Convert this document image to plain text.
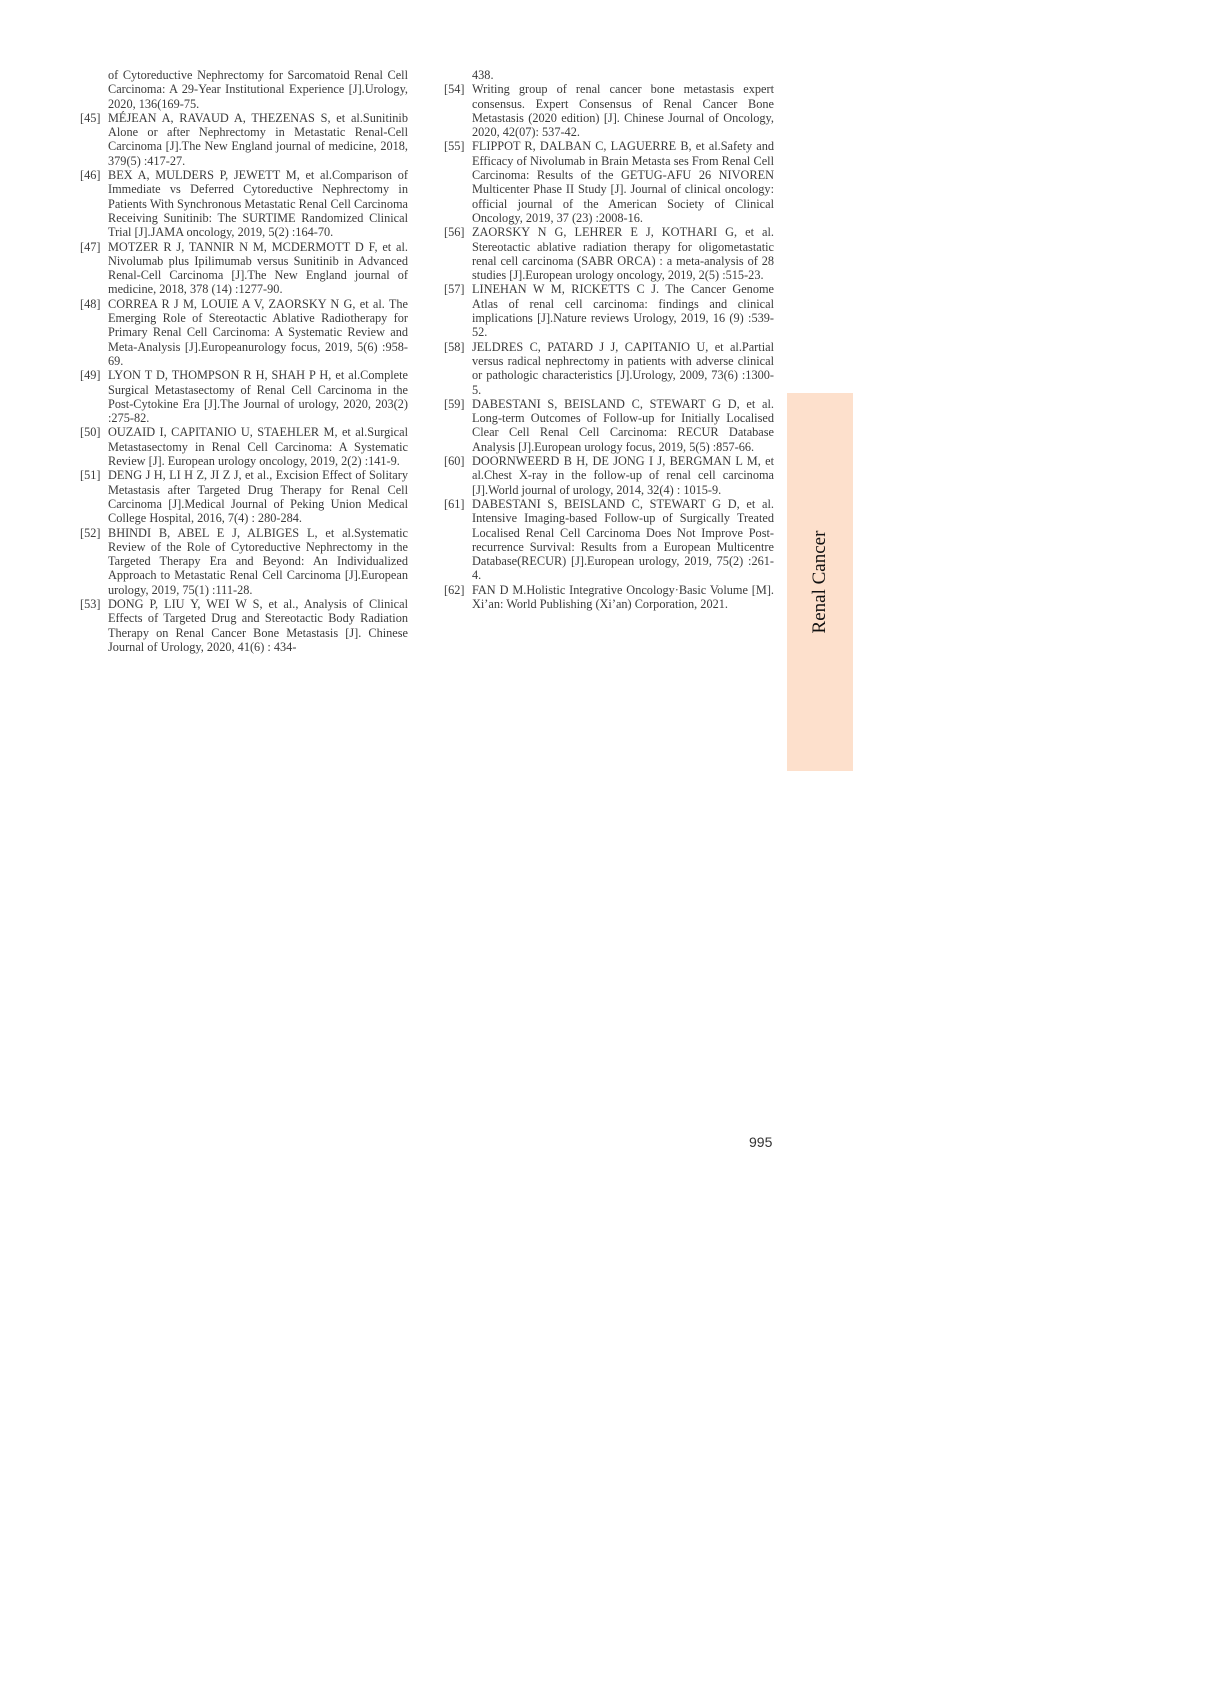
of Cytoreductive Nephrectomy for Sarcomatoid Renal Cell Carcinoma: A 29-Year Institutional Experience [J].Urology, 2020, 136(169-75.
[45] MÉJEAN A, RAVAUD A, THEZENAS S, et al.Sunitinib Alone or after Nephrectomy in Metastatic Renal-Cell Carcinoma [J].The New England journal of medicine, 2018, 379(5) :417-27.
[46] BEX A, MULDERS P, JEWETT M, et al.Comparison of Immediate vs Deferred Cytoreductive Nephrectomy in Patients With Synchronous Metastatic Renal Cell Carcinoma Receiving Sunitinib: The SURTIME Randomized Clinical Trial [J].JAMA oncology, 2019, 5(2) :164-70.
[47] MOTZER R J, TANNIR N M, MCDERMOTT D F, et al. Nivolumab plus Ipilimumab versus Sunitinib in Advanced Renal-Cell Carcinoma [J].The New England journal of medicine, 2018, 378 (14) :1277-90.
[48] CORREA R J M, LOUIE A V, ZAORSKY N G, et al. The Emerging Role of Stereotactic Ablative Radiotherapy for Primary Renal Cell Carcinoma: A Systematic Review and Meta-Analysis [J].Europeanurology focus, 2019, 5(6) :958-69.
[49] LYON T D, THOMPSON R H, SHAH P H, et al.Complete Surgical Metastasectomy of Renal Cell Carcinoma in the Post-Cytokine Era [J].The Journal of urology, 2020, 203(2) :275-82.
[50] OUZAID I, CAPITANIO U, STAEHLER M, et al.Surgical Metastasectomy in Renal Cell Carcinoma: A Systematic Review [J]. European urology oncology, 2019, 2(2) :141-9.
[51] DENG J H, LI H Z, JI Z J, et al., Excision Effect of Solitary Metastasis after Targeted Drug Therapy for Renal Cell Carcinoma [J].Medical Journal of Peking Union Medical College Hospital, 2016, 7(4) : 280-284.
[52] BHINDI B, ABEL E J, ALBIGES L, et al.Systematic Review of the Role of Cytoreductive Nephrectomy in the Targeted Therapy Era and Beyond: An Individualized Approach to Metastatic Renal Cell Carcinoma [J].European urology, 2019, 75(1) :111-28.
[53] DONG P, LIU Y, WEI W S, et al., Analysis of Clinical Effects of Targeted Drug and Stereotactic Body Radiation Therapy on Renal Cancer Bone Metastasis [J]. Chinese Journal of Urology, 2020, 41(6) : 434-
438.
[54] Writing group of renal cancer bone metastasis expert consensus. Expert Consensus of Renal Cancer Bone Metastasis (2020 edition) [J]. Chinese Journal of Oncology, 2020, 42(07): 537-42.
[55] FLIPPOT R, DALBAN C, LAGUERRE B, et al.Safety and Efficacy of Nivolumab in Brain Metasta ses From Renal Cell Carcinoma: Results of the GETUG-AFU 26 NIVOREN Multicenter Phase II Study [J]. Journal of clinical oncology: official journal of the American Society of Clinical Oncology, 2019, 37 (23) :2008-16.
[56] ZAORSKY N G, LEHRER E J, KOTHARI G, et al. Stereotactic ablative radiation therapy for oligometastatic renal cell carcinoma (SABR ORCA) : a meta-analysis of 28 studies [J].European urology oncology, 2019, 2(5) :515-23.
[57] LINEHAN W M, RICKETTS C J. The Cancer Genome Atlas of renal cell carcinoma: findings and clinical implications [J].Nature reviews Urology, 2019, 16 (9) :539-52.
[58] JELDRES C, PATARD J J, CAPITANIO U, et al.Partial versus radical nephrectomy in patients with adverse clinical or pathologic characteristics [J].Urology, 2009, 73(6) :1300-5.
[59] DABESTANI S, BEISLAND C, STEWART G D, et al. Long-term Outcomes of Follow-up for Initially Localised Clear Cell Renal Cell Carcinoma: RECUR Database Analysis [J].European urology focus, 2019, 5(5) :857-66.
[60] DOORNWEERD B H, DE JONG I J, BERGMAN L M, et al.Chest X-ray in the follow-up of renal cell carcinoma [J].World journal of urology, 2014, 32(4) : 1015-9.
[61] DABESTANI S, BEISLAND C, STEWART G D, et al. Intensive Imaging-based Follow-up of Surgically Treated Localised Renal Cell Carcinoma Does Not Improve Post-recurrence Survival: Results from a European Multicentre Database(RECUR) [J].European urology, 2019, 75(2) :261-4.
[62] FAN D M.Holistic Integrative Oncology·Basic Volume [M]. Xi’an: World Publishing (Xi’an) Corporation, 2021.	Renal Cancer
995
